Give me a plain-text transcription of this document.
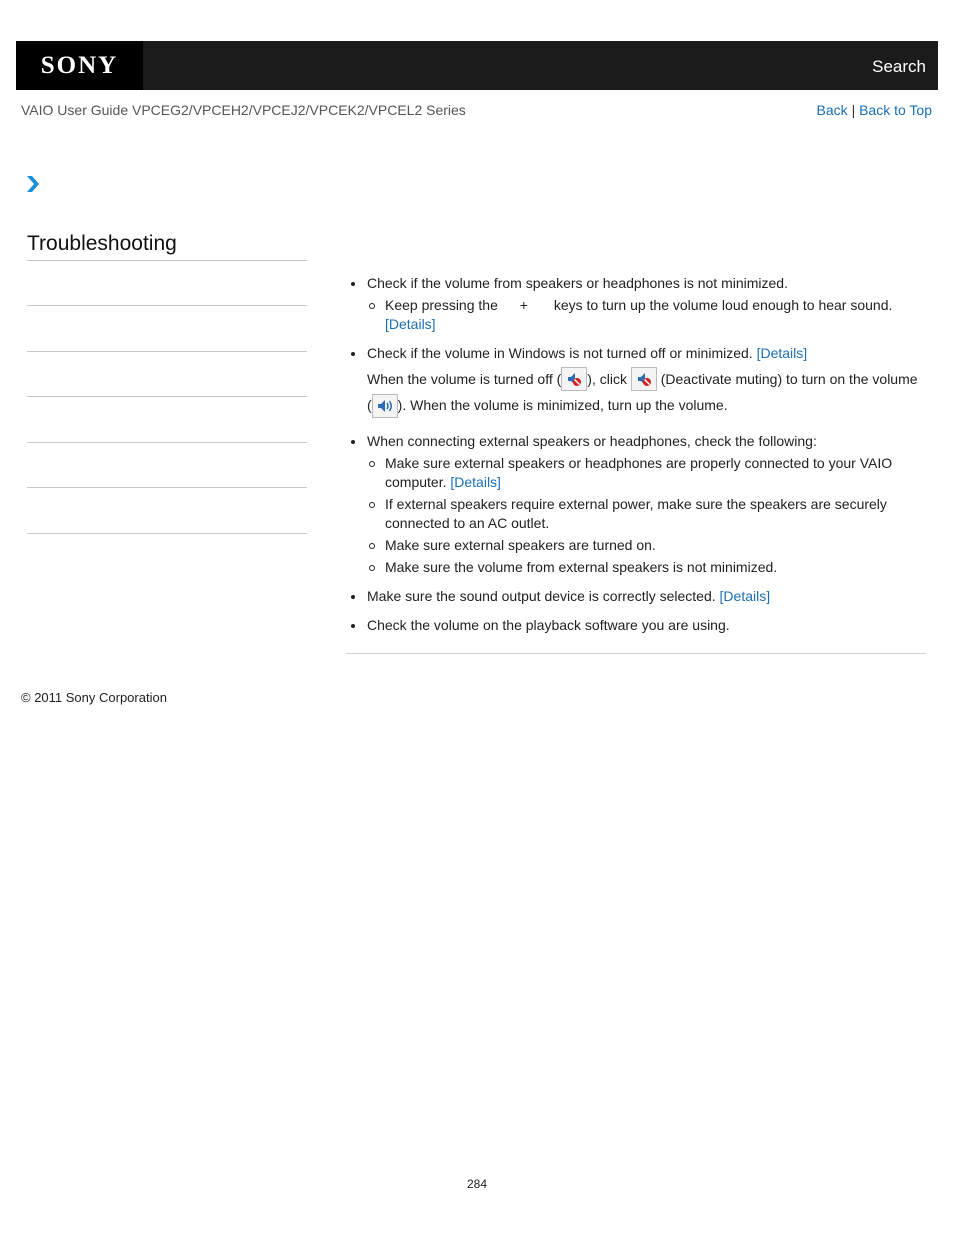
SONY	Search
VAIO User Guide VPCEG2/VPCEH2/VPCEJ2/VPCEK2/VPCEL2 Series	Back | Back to Top
Troubleshooting
Check if the volume from speakers or headphones is not minimized.
Keep pressing the + keys to turn up the volume loud enough to hear sound.
[Details]
Check if the volume in Windows is not turned off or minimized. [Details]
When the volume is turned off ( ), click (Deactivate muting) to turn on the volume
( ). When the volume is minimized, turn up the volume.
When connecting external speakers or headphones, check the following:
Make sure external speakers or headphones are properly connected to your VAIO computer. [Details]
If external speakers require external power, make sure the speakers are securely connected to an AC outlet.
Make sure external speakers are turned on.
Make sure the volume from external speakers is not minimized.
Make sure the sound output device is correctly selected. [Details]
Check the volume on the playback software you are using.
© 2011 Sony Corporation
284
